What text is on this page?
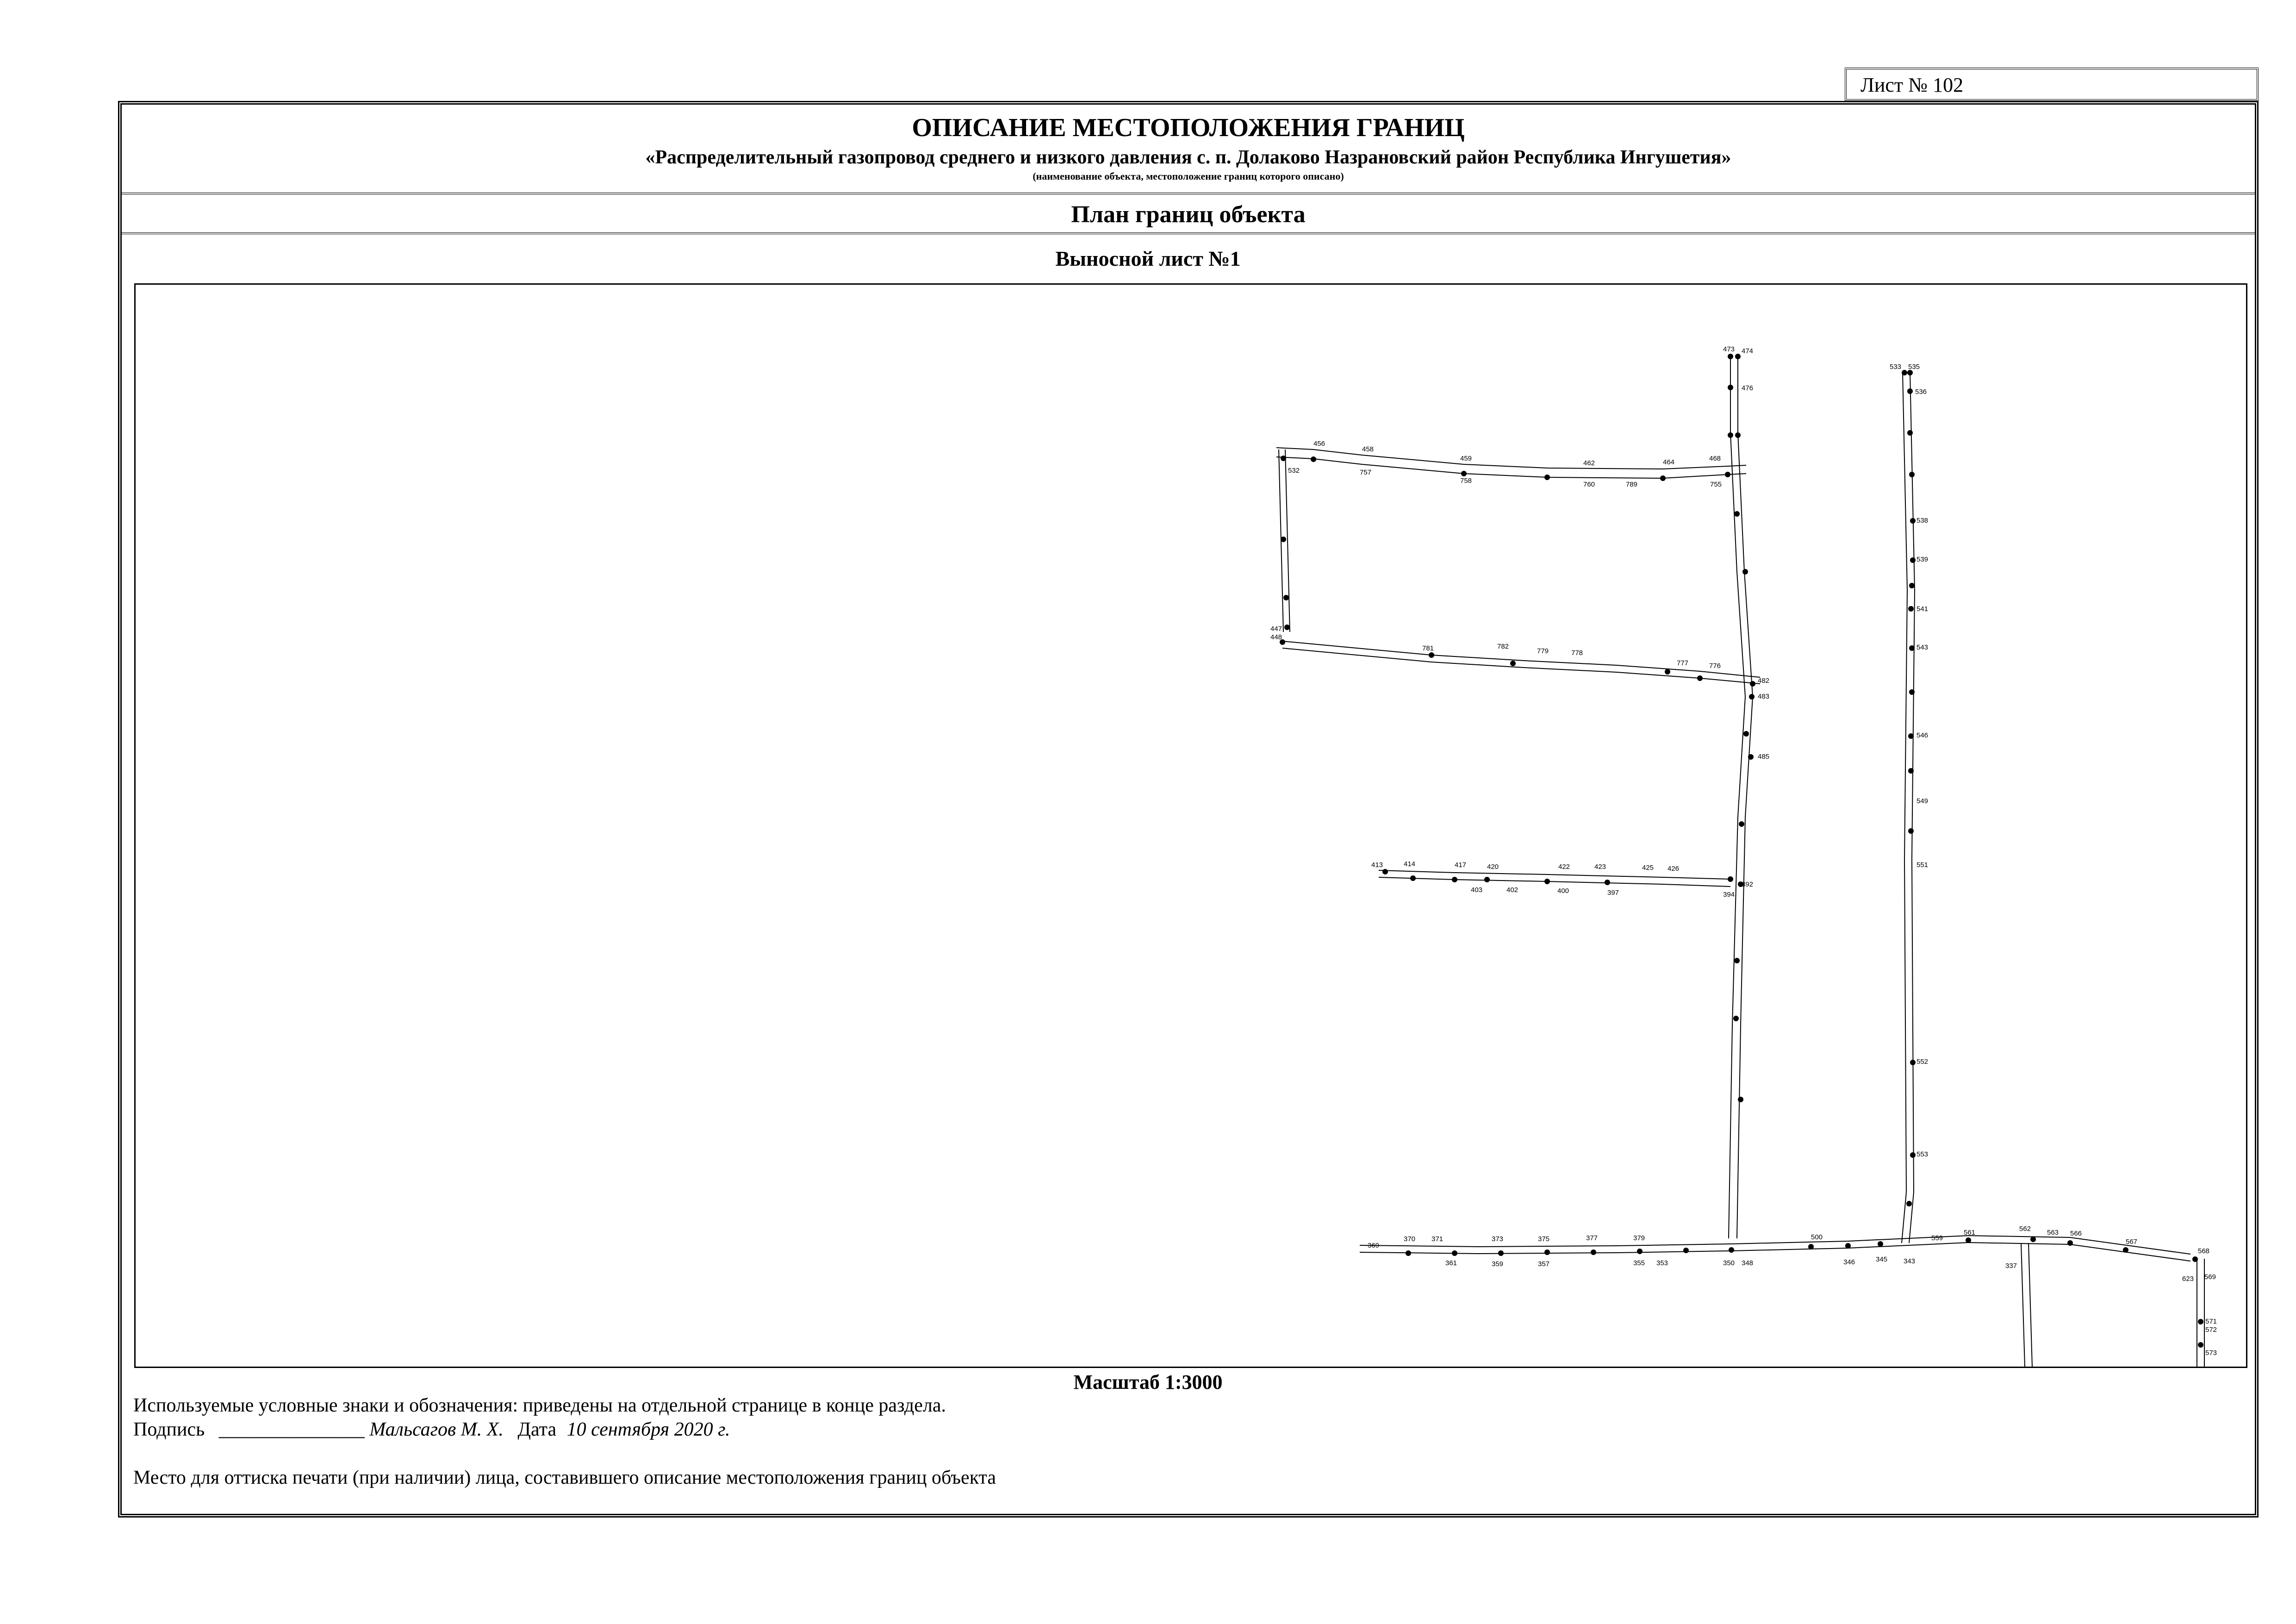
Лист № 102
ОПИСАНИЕ МЕСТОПОЛОЖЕНИЯ ГРАНИЦ
«Распределительный газопровод среднего и низкого давления с. п. Долаково Назрановский район Республика Ингушетия»
(наименование объекта, местоположение границ которого описано)
План границ объекта
Выносной лист №1
473 474
476
456
458
459
462	464	468
755
757
758	760	789
532
533 535
536
538
539
541
543
546
549
551
552
553
781	782
779	778
777	776
482
483
485
448
447
413	414	417	420	422	423	425 426
403	402	400	397	394
392
369
370 371	373	375	377	379
361	359	357	355 353	350 348	346	345 343
500	559
561	562 563 566
567
568
569
571
572
573
337
623
Масштаб 1:3000
Используемые условные знаки и обозначения: приведены на отдельной странице в конце раздела.
Подпись _______________ Мальсагов М. Х. Дата 10 сентября 2020 г.
Место для оттиска печати (при наличии) лица, составившего описание местоположения границ объекта
